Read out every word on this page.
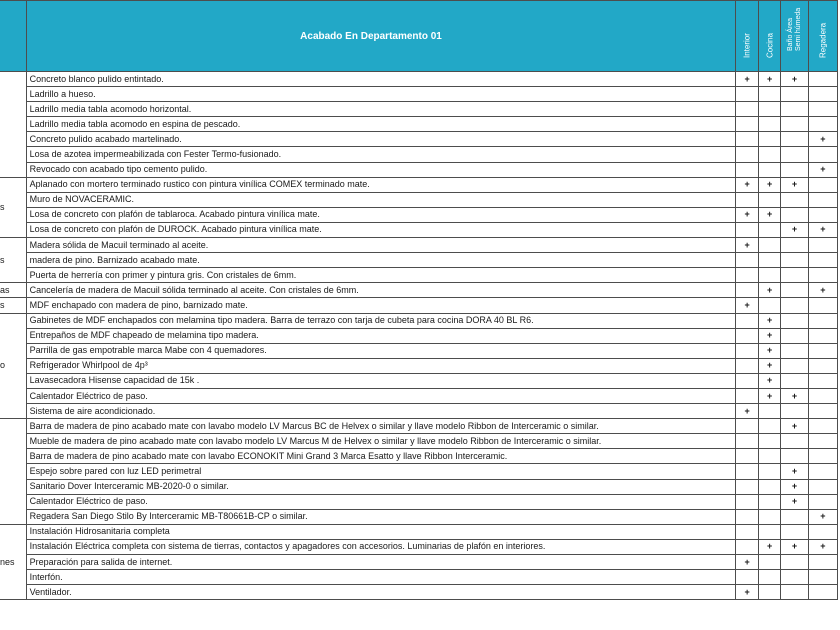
	Acabado En Departamento 01	Interior	Cocina	Baño Área Semi húmeda	Regadera

	Concreto blanco pulido entintado.	+	+	+	
	Ladrillo a hueso.				
	Ladrillo media tabla acomodo horizontal.				
	Ladrillo media tabla acomodo en espina de pescado.				
	Concreto pulido acabado martelinado.				+
	Losa de azotea impermeabilizada con Fester Termo-fusionado.				
	Revocado con acabado tipo cemento pulido.				+
s	Aplanado con mortero terminado rustico con pintura vinílica COMEX terminado mate.	+	+	+	
	Muro de NOVACERAMIC.				
	Losa de concreto con plafón de tablaroca. Acabado pintura vinílica mate.	+	+		
	Losa de concreto con plafón de DUROCK. Acabado pintura vinílica mate.			+	+
s	Madera sólida de Macuil terminado al aceite.	+			
	madera de pino. Barnizado acabado mate.				
	Puerta de herrería con primer y pintura gris. Con cristales de 6mm.				
as	Cancelería de madera de Macuil sólida terminado al aceite. Con cristales de 6mm.		+		+
s	MDF enchapado con madera de pino, barnizado mate.	+			
o	Gabinetes de MDF enchapados con melamina tipo madera. Barra de terrazo con tarja de cubeta para cocina DORA 40 BL R6.		+		
	Entrepaños de MDF chapeado de melamina tipo madera.		+		
	Parrilla de gas empotrable marca Mabe con 4 quemadores.		+		
	Refrigerador Whirlpool de 4p³		+		
	Lavasecadora Hisense capacidad de 15k .		+		
	Calentador Eléctrico de paso.		+	+	
	Sistema de aire acondicionado.	+			
	Barra de madera de pino acabado mate con lavabo modelo LV Marcus BC de Helvex o similar y llave modelo Ribbon de Interceramic o similar.			+	
	Mueble de madera de pino acabado mate con lavabo modelo LV Marcus M de Helvex o similar y llave modelo Ribbon de Interceramic o similar.				
	Barra de madera de pino acabado mate con lavabo ECONOKIT Mini Grand 3 Marca Esatto y llave Ribbon Interceramic.				
	Espejo sobre pared con luz LED perimetral			+	
	Sanitario Dover Interceramic MB-2020-0 o similar.			+	
	Calentador Eléctrico de paso.			+	
	Regadera San Diego Stilo By Interceramic MB-T80661B-CP o similar.				+
nes	Instalación Hidrosanitaria completa				
	Instalación Eléctrica completa con sistema de tierras, contactos y apagadores con accesorios. Luminarias de plafón en interiores.		+	+	+
	Preparación para salida de internet.	+			
	Interfón.				
	Ventilador.	+			
